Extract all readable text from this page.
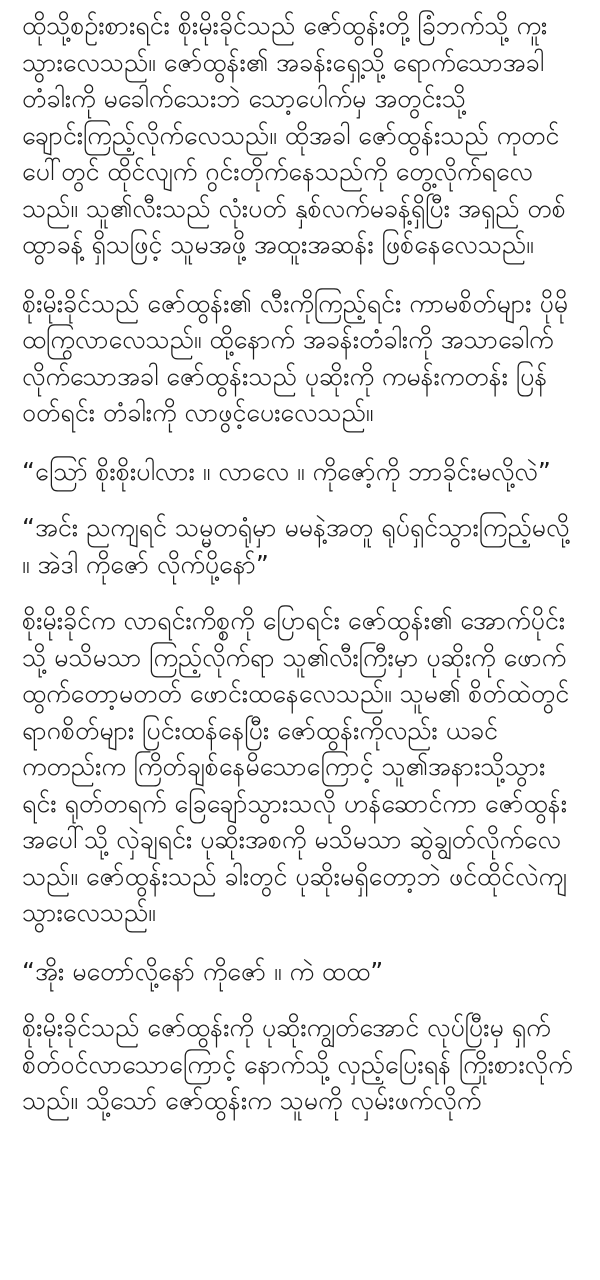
ထိုသို့စဉ်းစားရင်း စိုးမိုးခိုင်သည် ဇော်ထွန်းတို့ ခြံဘက်သို့ ကူးသွားလေသည်။ ဇော်ထွန်း၏ အခန်းရှေ့သို့ ရောက်သောအခါ တံခါးကို မခေါက်သေးဘဲ သော့ပေါက်မှ အတွင်းသို့ ချောင်းကြည့်လိုက်လေသည်။ ထိုအခါ ဇော်ထွန်းသည် ကုတင်ပေါ်တွင် ထိုင်လျက် ဂွင်းတိုက်နေသည်ကို တွေ့လိုက်ရလေသည်။ သူ၏လီးသည် လုံးပတ် နှစ်လက်မခန့်ရှိပြီး အရှည် တစ်ထွာခန့် ရှိသဖြင့် သူမအဖို့ အထူးအဆန်း ဖြစ်နေလေသည်။

စိုးမိုးခိုင်သည် ဇော်ထွန်း၏ လီးကိုကြည့်ရင်း ကာမစိတ်များ ပိုမိုထကြွလာလေသည်။ ထို့နောက် အခန်းတံခါးကို အသာခေါက်လိုက်သောအခါ ဇော်ထွန်းသည် ပုဆိုးကို ကမန်းကတန်း ပြန်ဝတ်ရင်း တံခါးကို လာဖွင့်ပေးလေသည်။

“ဪ စိုးစိုးပါလား ။ လာလေ ။ ကိုဇော့်ကို ဘာခိုင်းမလို့လဲ”

“အင်း ညကျရင် သမ္မတရုံမှာ မမနဲ့အတူ ရုပ်ရှင်သွားကြည့်မလို့ ။ အဲဒါ ကိုဇော် လိုက်ပို့နော်”

စိုးမိုးခိုင်က လာရင်းကိစ္စကို ပြောရင်း ဇော်ထွန်း၏ အောက်ပိုင်းသို့ မသိမသာ ကြည့်လိုက်ရာ သူ၏လီးကြီးမှာ ပုဆိုးကို ဖောက်ထွက်တော့မတတ် ဖောင်းထနေလေသည်။ သူမ၏ စိတ်ထဲတွင် ရာဂစိတ်များ ပြင်းထန်နေပြီး ဇော်ထွန်းကိုလည်း ယခင်ကတည်းက ကြိတ်ချစ်နေမိသောကြောင့် သူ၏အနားသို့သွားရင်း ရုတ်တရက် ခြေချော်သွားသလို ဟန်ဆောင်ကာ ဇော်ထွန်းအပေါ်သို့ လှဲချရင်း ပုဆိုးအစကို မသိမသာ ဆွဲချွတ်လိုက်လေသည်။ ဇော်ထွန်းသည် ခါးတွင် ပုဆိုးမရှိတော့ဘဲ ဖင်ထိုင်လဲကျသွားလေသည်။

“အိုး မတော်လို့နော် ကိုဇော် ။ ကဲ ထထ”

စိုးမိုးခိုင်သည် ဇော်ထွန်းကို ပုဆိုးကျွတ်အောင် လုပ်ပြီးမှ ရှက်စိတ်ဝင်လာသောကြောင့် နောက်သို့ လှည့်ပြေးရန် ကြိုးစားလိုက်သည်။ သို့သော် ဇော်ထွန်းက သူမကို လှမ်းဖက်လိုက်
